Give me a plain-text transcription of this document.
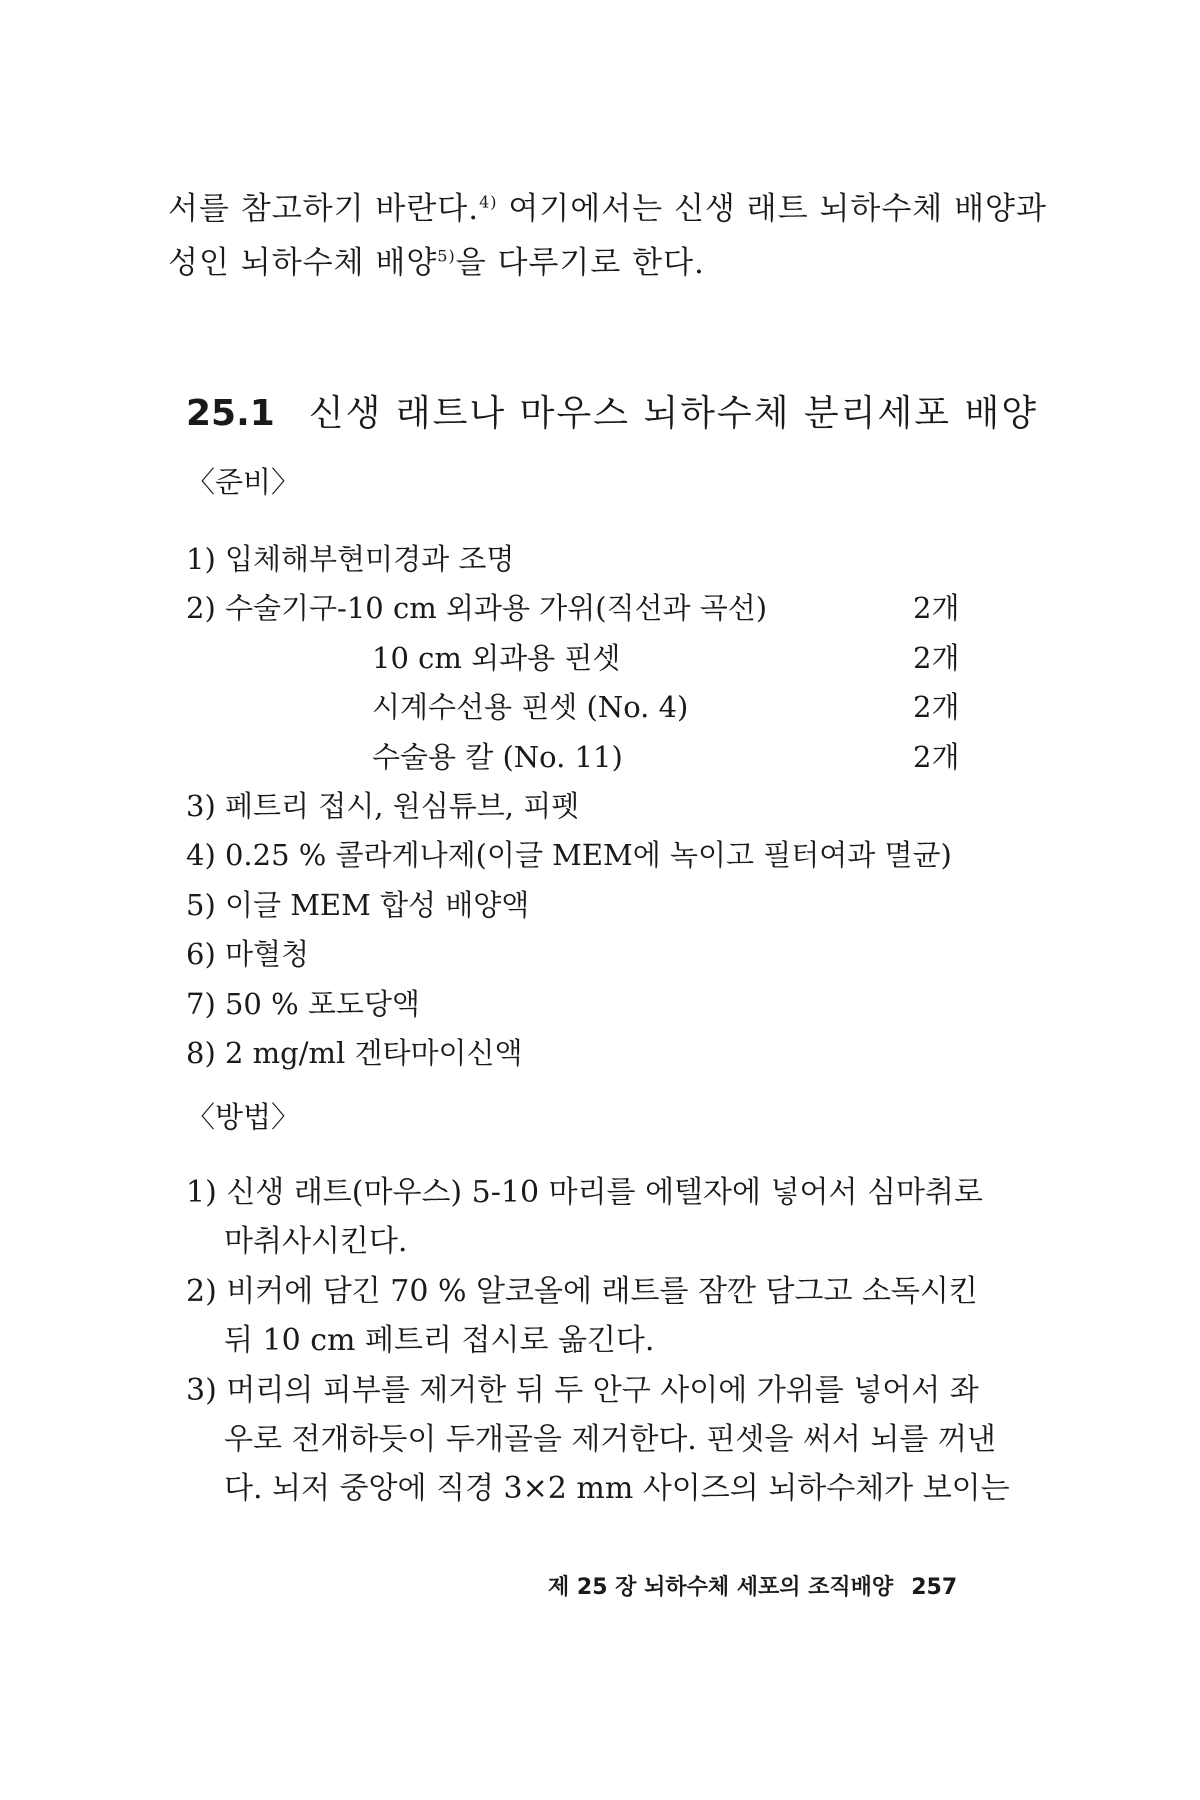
서를 참고하기 바란다.$^{4)}$ 여기에서는 신생 래트 뇌하수체 배양과

성인 뇌하수체 배양$^{5)}$을 다루기로 한다.

25.1 신생 래트나 마우스 뇌하수체 분리세포 배양

〈준비〉

1) 입체해부현미경과 조명
2) 수술기구-10 cm 외과용 가위(직선과 곡선)	2개
10 cm 외과용 핀셋	2개
시계수선용 핀셋 (No. 4)	2개
수술용 칼 (No. 11)	2개
3) 페트리 접시, 원심튜브, 피펫
4) 0.25 % 콜라게나제(이글 MEM에 녹이고 필터여과 멸균)
5) 이글 MEM 합성 배양액
6) 마혈청
7) 50 % 포도당액
8) 2 mg/ml 겐타마이신액

〈방법〉

1) 신생 래트(마우스) 5-10 마리를 에텔자에 넣어서 심마취로
마취사시킨다.
2) 비커에 담긴 70 % 알코올에 래트를 잠깐 담그고 소독시킨
뒤 10 cm 페트리 접시로 옮긴다.
3) 머리의 피부를 제거한 뒤 두 안구 사이에 가위를 넣어서 좌
우로 전개하듯이 두개골을 제거한다. 핀셋을 써서 뇌를 꺼낸
다. 뇌저 중앙에 직경 3×2 mm 사이즈의 뇌하수체가 보이는

제 25 장 뇌하수체 세포의 조직배양 257
